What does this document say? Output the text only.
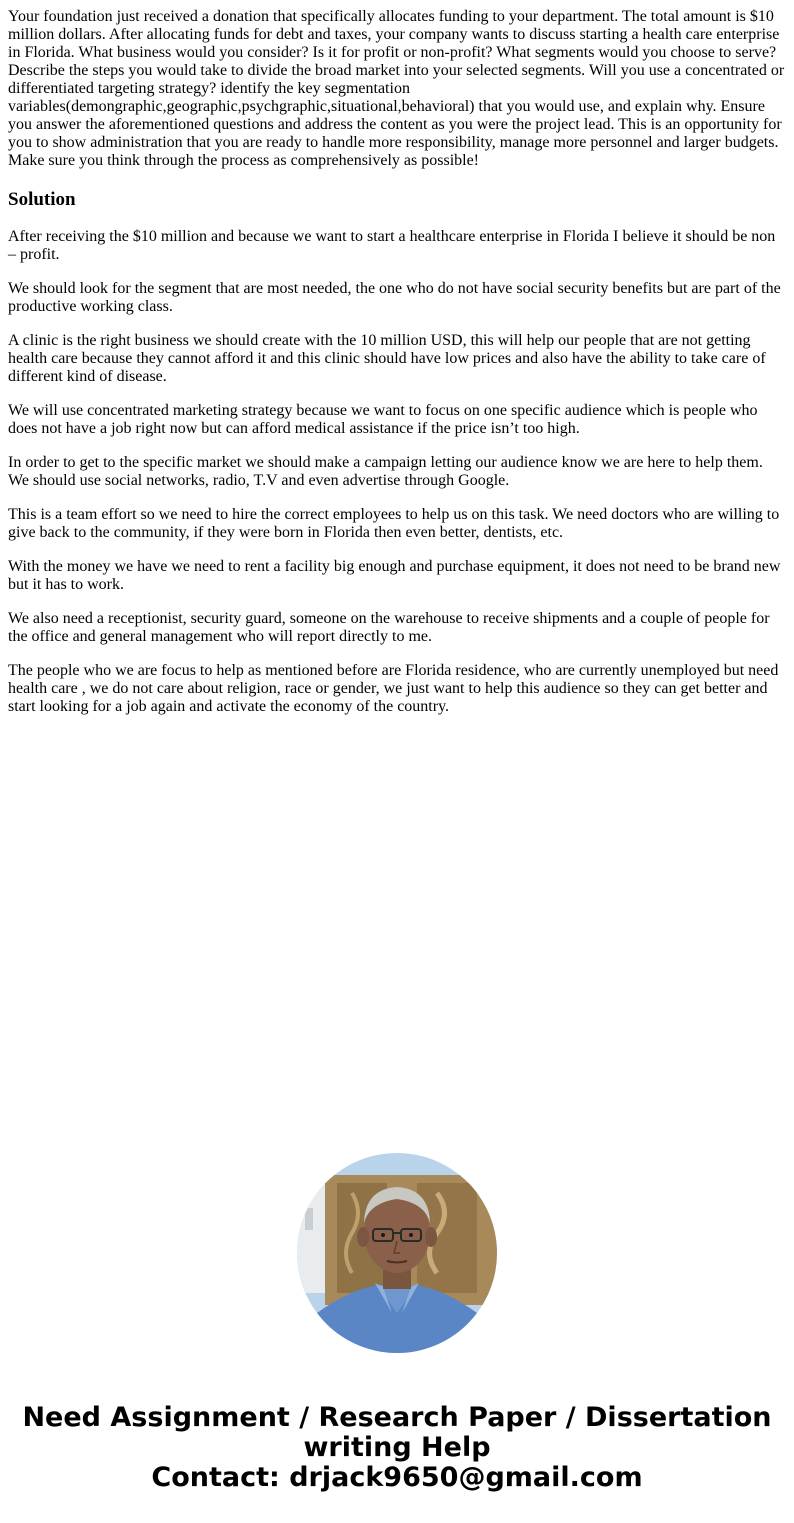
Your foundation just received a donation that specifically allocates funding to your department. The total amount is $10 million dollars. After allocating funds for debt and taxes, your company wants to discuss starting a health care enterprise in Florida. What business would you consider? Is it for profit or non-profit? What segments would you choose to serve? Describe the steps you would take to divide the broad market into your selected segments. Will you use a concentrated or differentiated targeting strategy? identify the key segmentation variables(demongraphic,geographic,psychgraphic,situational,behavioral) that you would use, and explain why. Ensure you answer the aforementioned questions and address the content as you were the project lead. This is an opportunity for you to show administration that you are ready to handle more responsibility, manage more personnel and larger budgets. Make sure you think through the process as comprehensively as possible!

Solution

After receiving the $10 million and because we want to start a healthcare enterprise in Florida I believe it should be non – profit.

We should look for the segment that are most needed, the one who do not have social security benefits but are part of the productive working class.

A clinic is the right business we should create with the 10 million USD, this will help our people that are not getting health care because they cannot afford it and this clinic should have low prices and also have the ability to take care of different kind of disease.

We will use concentrated marketing strategy because we want to focus on one specific audience which is people who does not have a job right now but can afford medical assistance if the price isn’t too high.

In order to get to the specific market we should make a campaign letting our audience know we are here to help them. We should use social networks, radio, T.V and even advertise through Google.

This is a team effort so we need to hire the correct employees to help us on this task. We need doctors who are willing to give back to the community, if they were born in Florida then even better, dentists, etc.

With the money we have we need to rent a facility big enough and purchase equipment, it does not need to be brand new but it has to work.

We also need a receptionist, security guard, someone on the warehouse to receive shipments and a couple of people for the office and general management who will report directly to me.

The people who we are focus to help as mentioned before are Florida residence, who are currently unemployed but need health care , we do not care about religion, race or gender, we just want to help this audience so they can get better and start looking for a job again and activate the economy of the country.

Need Assignment / Research Paper / Dissertation
writing Help
Contact: drjack9650@gmail.com
